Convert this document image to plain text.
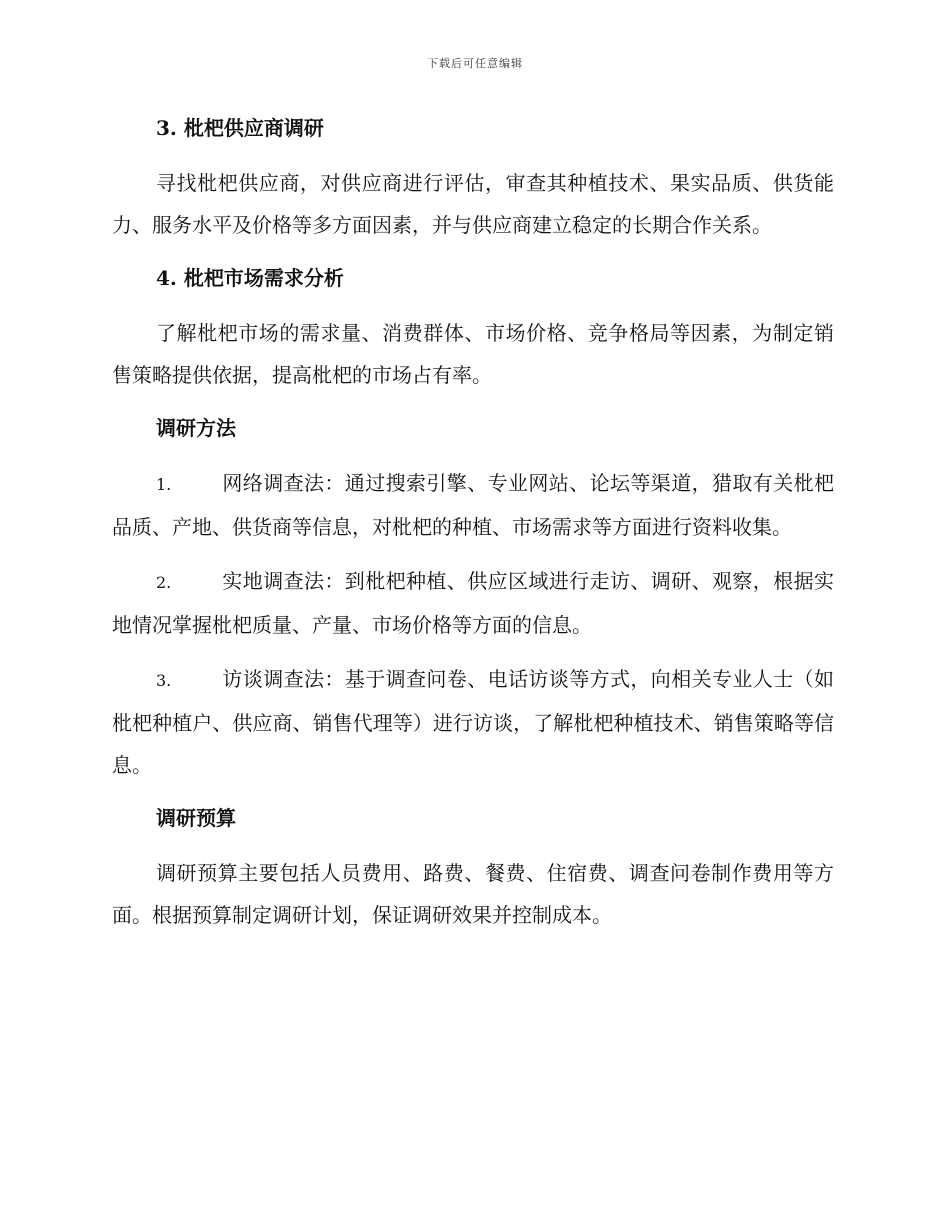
下载后可任意编辑
3. 枇杷供应商调研

寻找枇杷供应商，对供应商进行评估，审查其种植技术、果实品质、供货能力、服务水平及价格等多方面因素，并与供应商建立稳定的长期合作关系。

4. 枇杷市场需求分析

了解枇杷市场的需求量、消费群体、市场价格、竞争格局等因素，为制定销售策略提供依据，提高枇杷的市场占有率。

调研方法

1.	网络调查法：通过搜索引擎、专业网站、论坛等渠道，猎取有关枇杷品质、产地、供货商等信息，对枇杷的种植、市场需求等方面进行资料收集。

2.	实地调查法：到枇杷种植、供应区域进行走访、调研、观察，根据实地情况掌握枇杷质量、产量、市场价格等方面的信息。

3.	访谈调查法：基于调查问卷、电话访谈等方式，向相关专业人士（如枇杷种植户、供应商、销售代理等）进行访谈，了解枇杷种植技术、销售策略等信息。

调研预算

调研预算主要包括人员费用、路费、餐费、住宿费、调查问卷制作费用等方面。根据预算制定调研计划，保证调研效果并控制成本。
